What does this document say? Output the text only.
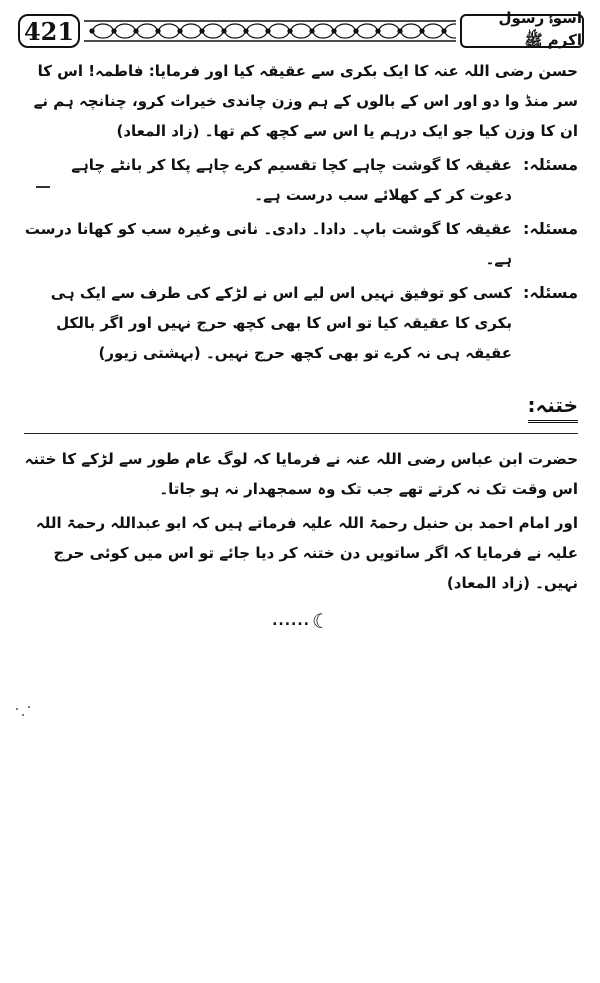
421	اسوۂ رسول اکرم ﷺ

حسن رضی اللہ عنہ کا ایک بکری سے عقیقہ کیا اور فرمایا: فاطمہ! اس کا سر منڈ وا دو اور اس کے بالوں کے ہم وزن چاندی خیرات کرو، چنانچہ ہم نے ان کا وزن کیا جو ایک درہم یا اس سے کچھ کم تھا۔ (زاد المعاد)

مسئلہ:
عقیقہ کا گوشت چاہے کچا تقسیم کرے چاہے پکا کر بانٹے چاہے دعوت کر کے کھلائے سب درست ہے۔
مسئلہ:
عقیقہ کا گوشت باپ۔ دادا۔ دادی۔ نانی وغیرہ سب کو کھانا درست ہے۔
مسئلہ:
کسی کو توفیق نہیں اس لیے اس نے لڑکے کی طرف سے ایک ہی بکری کا عقیقہ کیا تو اس کا بھی کچھ حرج نہیں اور اگر بالکل عقیقہ ہی نہ کرے تو بھی کچھ حرج نہیں۔ (بہشتی زیور)
ختنہ:

حضرت ابن عباس رضی اللہ عنہ نے فرمایا کہ لوگ عام طور سے لڑکے کا ختنہ اس وقت تک نہ کرتے تھے جب تک وہ سمجھدار نہ ہو جاتا۔

اور امام احمد بن حنبل رحمۃ اللہ علیہ فرماتے ہیں کہ ابو عبداللہ رحمۃ اللہ علیہ نے فرمایا کہ اگر ساتویں دن ختنہ کر دیا جائے تو اس میں کوئی حرج نہیں۔ (زاد المعاد)

...... ☾
